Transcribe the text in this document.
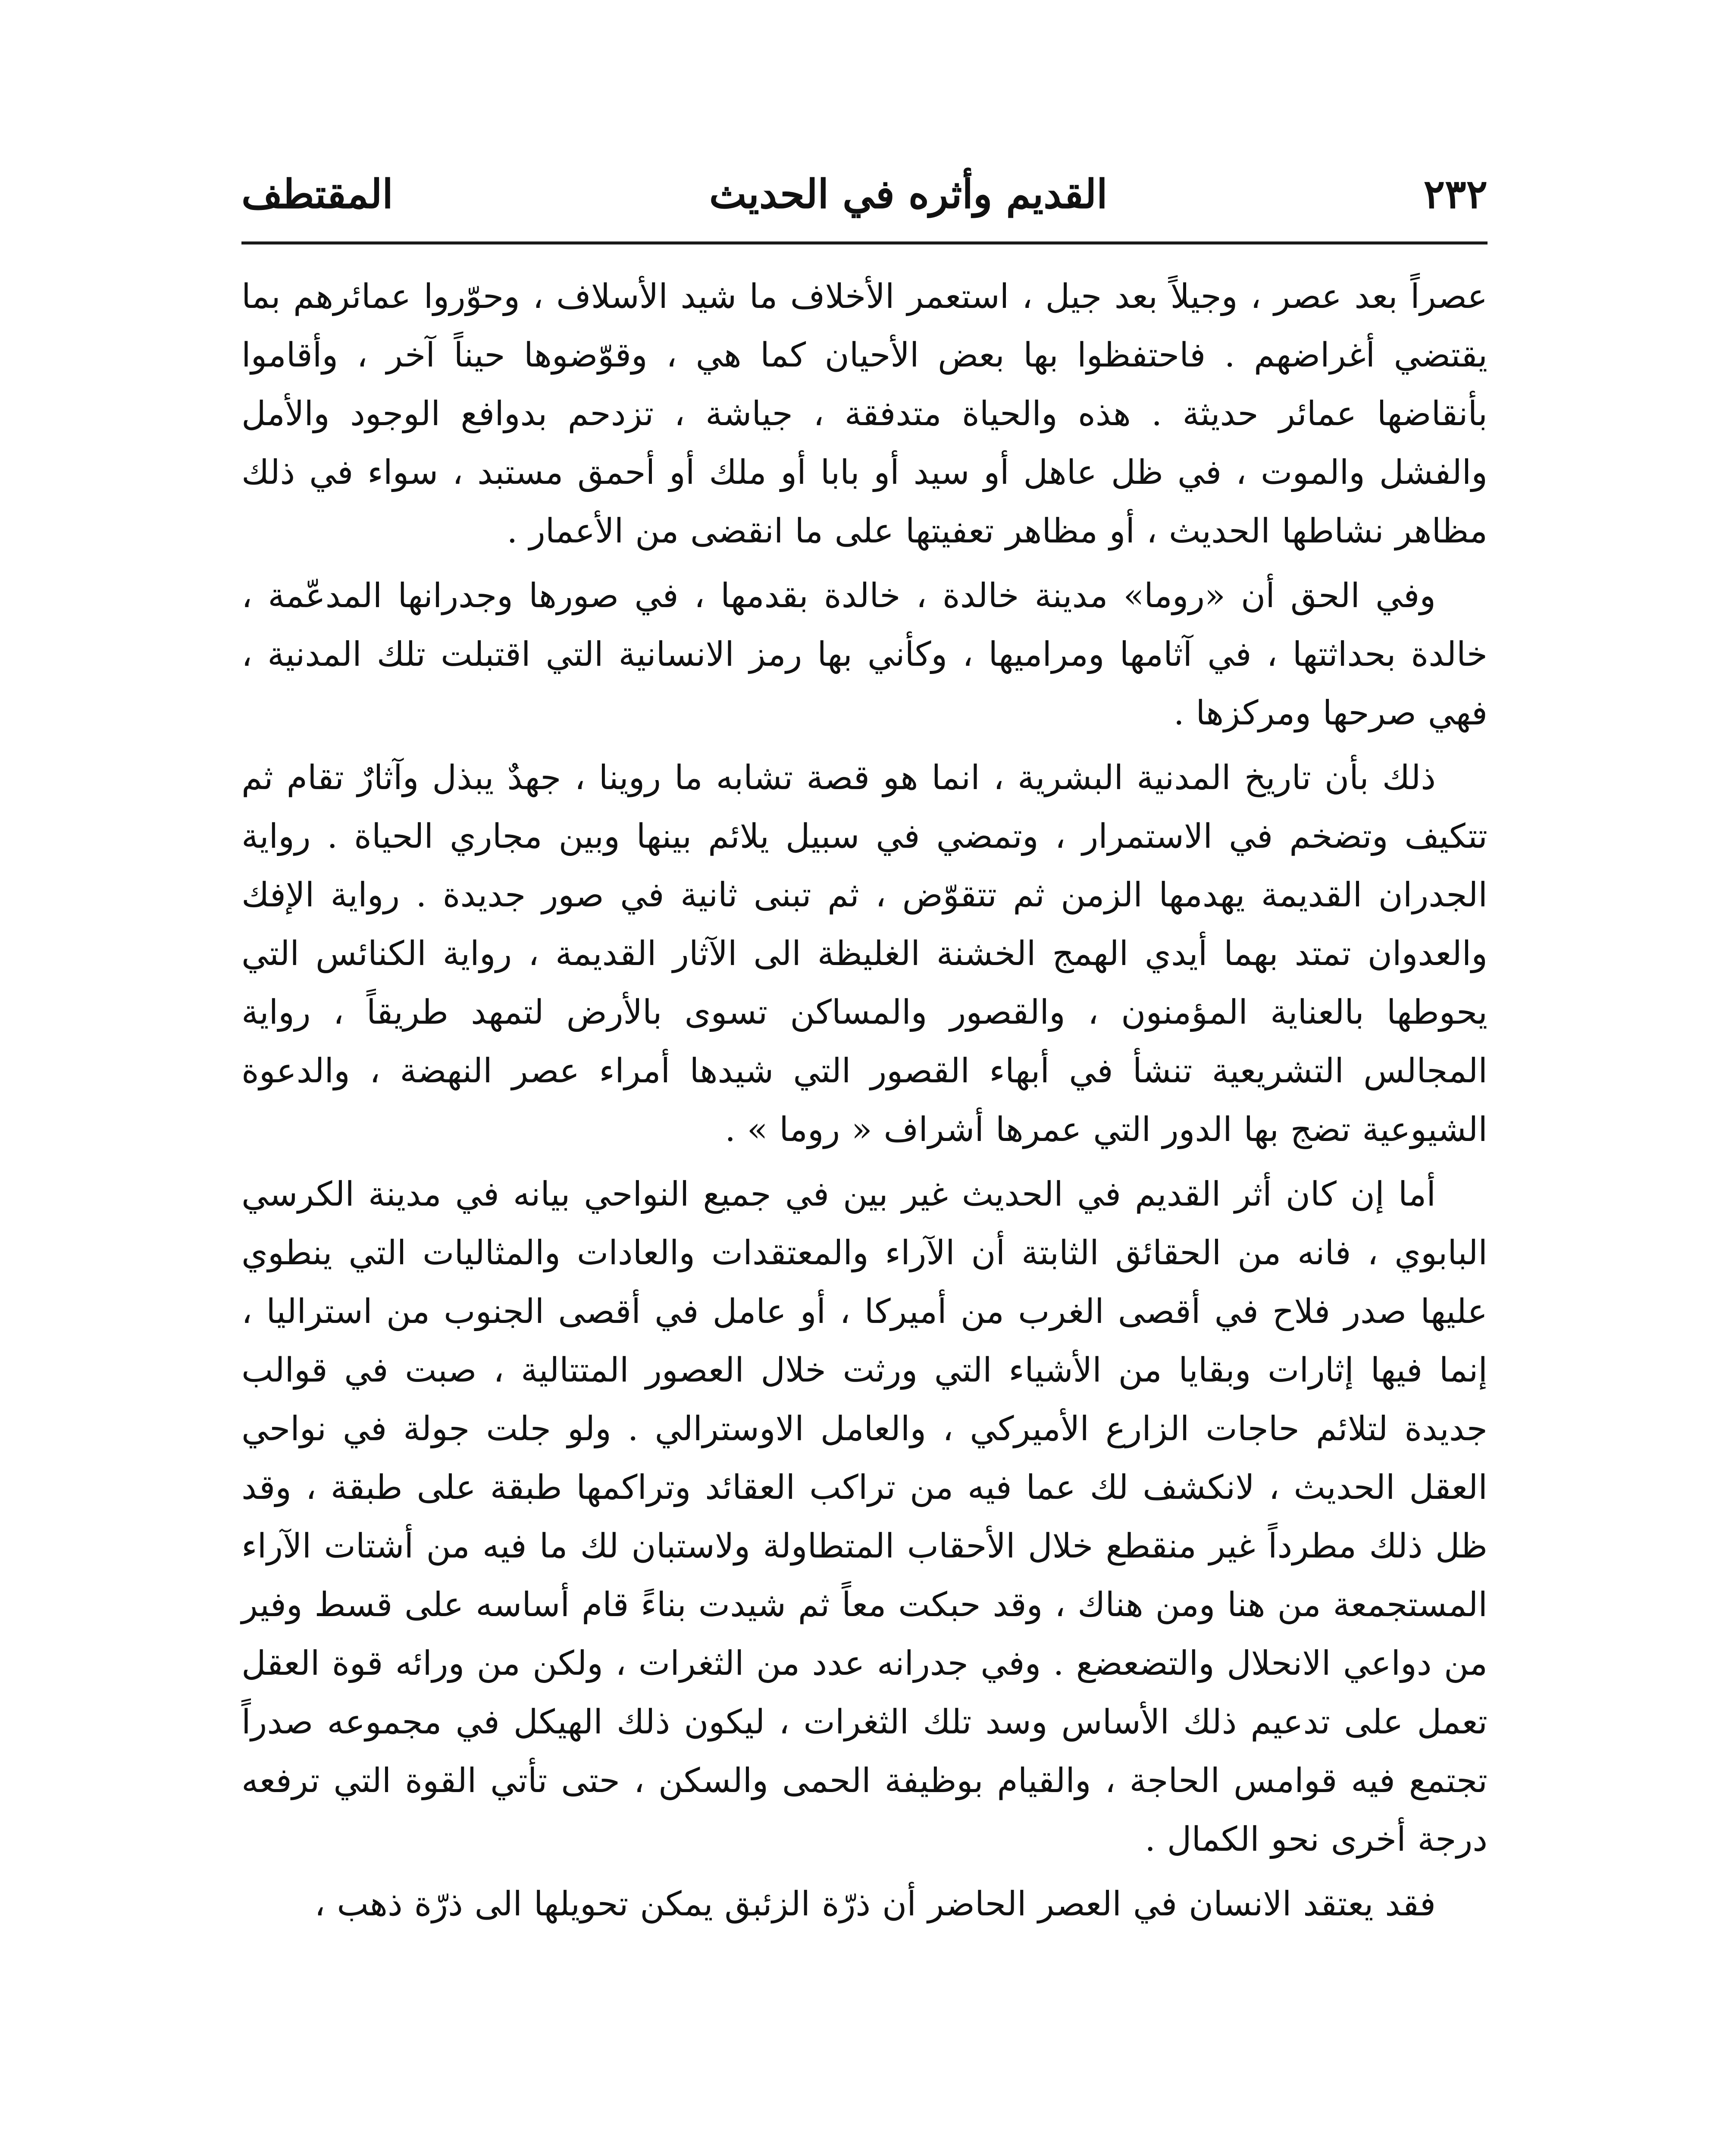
٢٣٢
القديم وأثره في الحديث
المقتطف

عصراً بعد عصر ، وجيلاً بعد جيل ، استعمر الأخلاف ما شيد الأسلاف ، وحوّروا عمائرهم بما يقتضي أغراضهم . فاحتفظوا بها بعض الأحيان كما هي ، وقوّضوها حيناً آخر ، وأقاموا بأنقاضها عمائر حديثة . هذه والحياة متدفقة ، جياشة ، تزدحم بدوافع الوجود والأمل والفشل والموت ، في ظل عاهل أو سيد أو بابا أو ملك أو أحمق مستبد ، سواء في ذلك مظاهر نشاطها الحديث ، أو مظاهر تعفيتها على ما انقضى من الأعمار .

وفي الحق أن «روما» مدينة خالدة ، خالدة بقدمها ، في صورها وجدرانها المدعّمة ، خالدة بحداثتها ، في آثامها ومراميها ، وكأني بها رمز الانسانية التي اقتبلت تلك المدنية ، فهي صرحها ومركزها .

ذلك بأن تاريخ المدنية البشرية ، انما هو قصة تشابه ما روينا ، جهدٌ يبذل وآثارٌ تقام ثم تتكيف وتضخم في الاستمرار ، وتمضي في سبيل يلائم بينها وبين مجاري الحياة . رواية الجدران القديمة يهدمها الزمن ثم تتقوّض ، ثم تبنى ثانية في صور جديدة . رواية الإفك والعدوان تمتد بهما أيدي الهمج الخشنة الغليظة الى الآثار القديمة ، رواية الكنائس التي يحوطها بالعناية المؤمنون ، والقصور والمساكن تسوى بالأرض لتمهد طريقاً ، رواية المجالس التشريعية تنشأ في أبهاء القصور التي شيدها أمراء عصر النهضة ، والدعوة الشيوعية تضج بها الدور التي عمرها أشراف « روما » .

أما إن كان أثر القديم في الحديث غير بين في جميع النواحي بيانه في مدينة الكرسي البابوي ، فانه من الحقائق الثابتة أن الآراء والمعتقدات والعادات والمثاليات التي ينطوي عليها صدر فلاح في أقصى الغرب من أميركا ، أو عامل في أقصى الجنوب من استراليا ، إنما فيها إثارات وبقايا من الأشياء التي ورثت خلال العصور المتتالية ، صبت في قوالب جديدة لتلائم حاجات الزارع الأميركي ، والعامل الاوسترالي . ولو جلت جولة في نواحي العقل الحديث ، لانكشف لك عما فيه من تراكب العقائد وتراكمها طبقة على طبقة ، وقد ظل ذلك مطرداً غير منقطع خلال الأحقاب المتطاولة ولاستبان لك ما فيه من أشتات الآراء المستجمعة من هنا ومن هناك ، وقد حبكت معاً ثم شيدت بناءً قام أساسه على قسط وفير من دواعي الانحلال والتضعضع . وفي جدرانه عدد من الثغرات ، ولكن من ورائه قوة العقل تعمل على تدعيم ذلك الأساس وسد تلك الثغرات ، ليكون ذلك الهيكل في مجموعه صدراً تجتمع فيه قوامس الحاجة ، والقيام بوظيفة الحمى والسكن ، حتى تأتي القوة التي ترفعه درجة أخرى نحو الكمال .

فقد يعتقد الانسان في العصر الحاضر أن ذرّة الزئبق يمكن تحويلها الى ذرّة ذهب ،
